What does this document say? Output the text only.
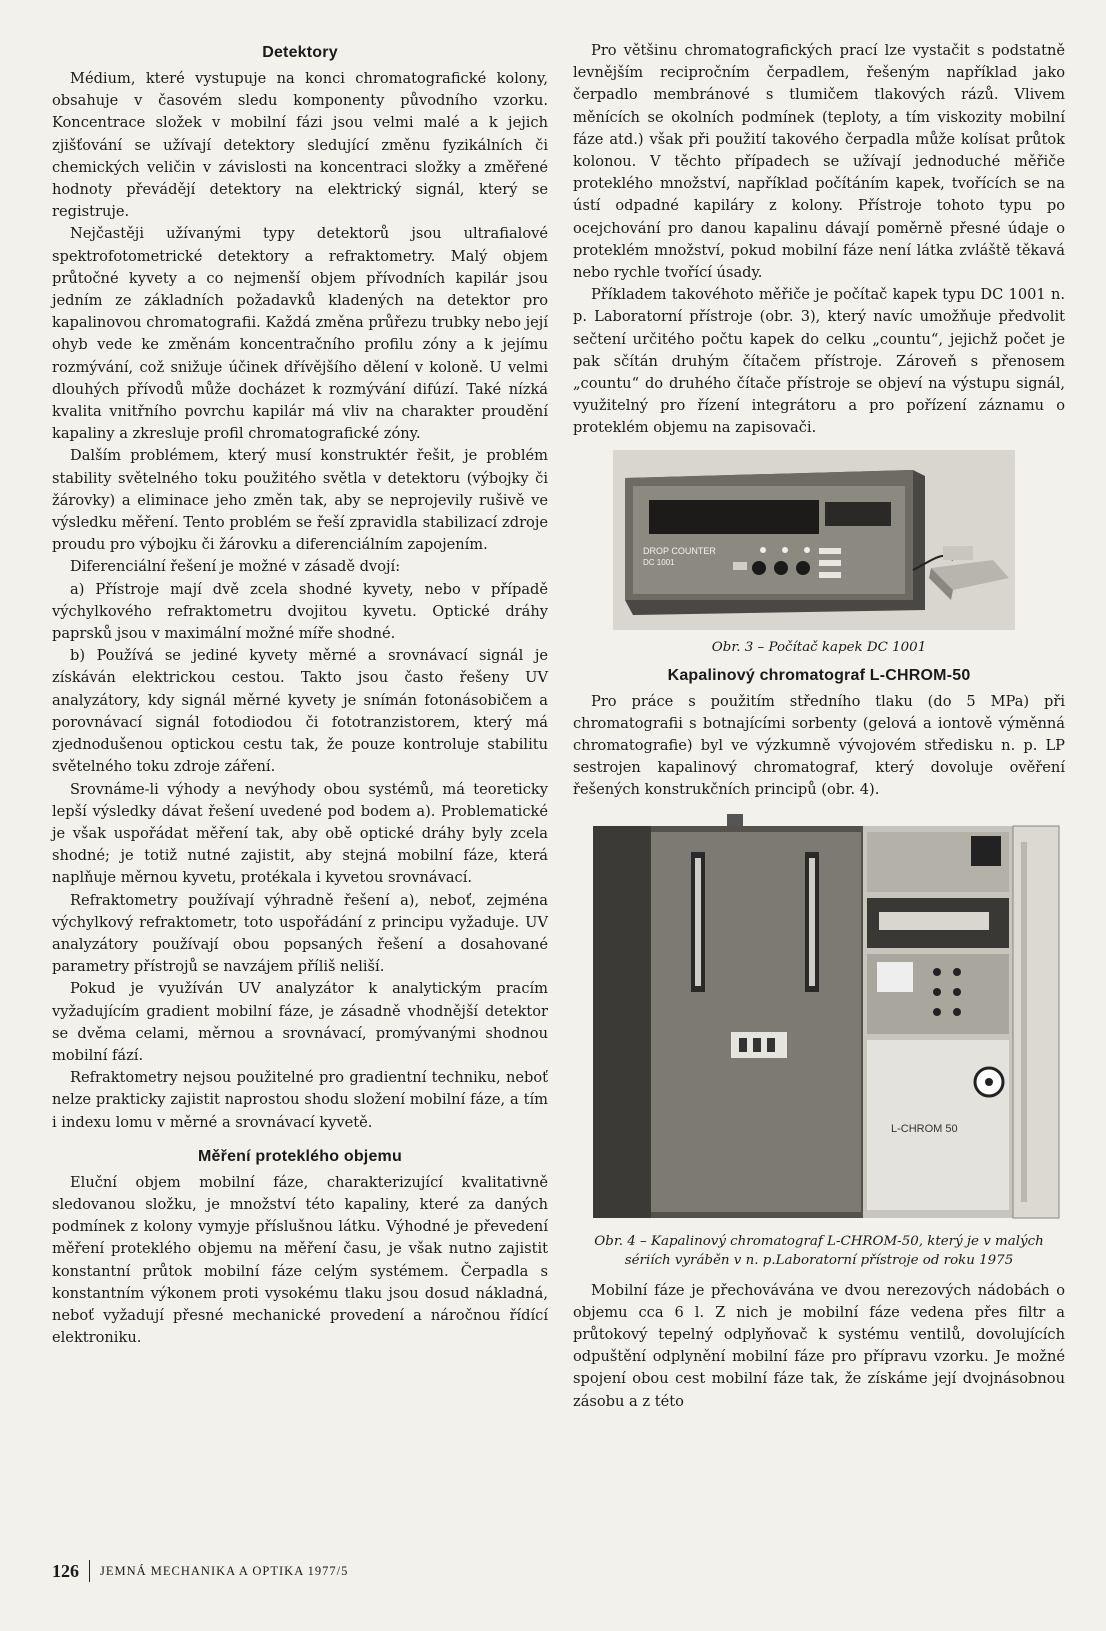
Detektory

Médium, které vystupuje na konci chromatografické kolony, obsahuje v časovém sledu komponenty původního vzorku. Koncentrace složek v mobilní fázi jsou velmi malé a k jejich zjišťování se užívají detektory sledující změnu fyzikálních či chemických veličin v závislosti na koncentraci složky a změřené hodnoty převádějí detektory na elektrický signál, který se registruje.

Nejčastěji užívanými typy detektorů jsou ultrafialové spektrofotometrické detektory a refraktometry. Malý objem průtočné kyvety a co nejmenší objem přívodních kapilár jsou jedním ze základních požadavků kladených na detektor pro kapalinovou chromatografii. Každá změna průřezu trubky nebo její ohyb vede ke změnám koncentračního profilu zóny a k jejímu rozmývání, což snižuje účinek dřívějšího dělení v koloně. U velmi dlouhých přívodů může docházet k rozmývání difúzí. Také nízká kvalita vnitřního povrchu kapilár má vliv na charakter proudění kapaliny a zkresluje profil chromatografické zóny.

Dalším problémem, který musí konstruktér řešit, je problém stability světelného toku použitého světla v detektoru (výbojky či žárovky) a eliminace jeho změn tak, aby se neprojevily rušivě ve výsledku měření. Tento problém se řeší zpravidla stabilizací zdroje proudu pro výbojku či žárovku a diferenciálním zapojením.

Diferenciální řešení je možné v zásadě dvojí:

a) Přístroje mají dvě zcela shodné kyvety, nebo v případě výchylkového refraktometru dvojitou kyvetu. Optické dráhy paprsků jsou v maximální možné míře shodné.

b) Používá se jediné kyvety měrné a srovnávací signál je získáván elektrickou cestou. Takto jsou často řešeny UV analyzátory, kdy signál měrné kyvety je snímán fotonásobičem a porovnávací signál fotodiodou či fototranzistorem, který má zjednodušenou optickou cestu tak, že pouze kontroluje stabilitu světelného toku zdroje záření.

Srovnáme-li výhody a nevýhody obou systémů, má teoreticky lepší výsledky dávat řešení uvedené pod bodem a). Problematické je však uspořádat měření tak, aby obě optické dráhy byly zcela shodné; je totiž nutné zajistit, aby stejná mobilní fáze, která naplňuje měrnou kyvetu, protékala i kyvetou srovnávací.

Refraktometry používají výhradně řešení a), neboť, zejména výchylkový refraktometr, toto uspořádání z principu vyžaduje. UV analyzátory používají obou popsaných řešení a dosahované parametry přístrojů se navzájem příliš neliší.

Pokud je využíván UV analyzátor k analytickým pracím vyžadujícím gradient mobilní fáze, je zásadně vhodnější detektor se dvěma celami, měrnou a srovnávací, promývanými shodnou mobilní fází.

Refraktometry nejsou použitelné pro gradientní techniku, neboť nelze prakticky zajistit naprostou shodu složení mobilní fáze, a tím i indexu lomu v měrné a srovnávací kyvetě.

Měření proteklého objemu

Eluční objem mobilní fáze, charakterizující kvalitativně sledovanou složku, je množství této kapaliny, které za daných podmínek z kolony vymyje příslušnou látku. Výhodné je převedení měření proteklého objemu na měření času, je však nutno zajistit konstantní průtok mobilní fáze celým systémem. Čerpadla s konstantním výkonem proti vysokému tlaku jsou dosud nákladná, neboť vyžadují přesné mechanické provedení a náročnou řídící elektroniku.

Pro většinu chromatografických prací lze vystačit s podstatně levnějším recipročním čerpadlem, řešeným například jako čerpadlo membránové s tlumičem tlakových rázů. Vlivem měnících se okolních podmínek (teploty, a tím viskozity mobilní fáze atd.) však při použití takového čerpadla může kolísat průtok kolonou. V těchto případech se užívají jednoduché měřiče proteklého množství, například počítáním kapek, tvořících se na ústí odpadné kapiláry z kolony. Přístroje tohoto typu po ocejchování pro danou kapalinu dávají poměrně přesné údaje o proteklém množství, pokud mobilní fáze není látka zvláště těkavá nebo rychle tvořící úsady.

Příkladem takovéhoto měřiče je počítač kapek typu DC 1001 n. p. Laboratorní přístroje (obr. 3), který navíc umožňuje předvolit sečtení určitého počtu kapek do celku „countu“, jejichž počet je pak sčítán druhým čítačem přístroje. Zároveň s přenosem „countu“ do druhého čítače přístroje se objeví na výstupu signál, využitelný pro řízení integrátoru a pro pořízení záznamu o proteklém objemu na zapisovači.

DROP COUNTER
DC 1001
Obr. 3 – Počítač kapek DC 1001
Kapalinový chromatograf L-CHROM-50

Pro práce s použitím středního tlaku (do 5 MPa) při chromatografii s botnajícími sorbenty (gelová a iontově výměnná chromatografie) byl ve výzkumně vývojovém středisku n. p. LP sestrojen kapalinový chromatograf, který dovoluje ověření řešených konstrukčních principů (obr. 4).

L-CHROM 50
Obr. 4 – Kapalinový chromatograf L-CHROM-50, který je v malých sériích vyráběn v n. p.Laboratorní přístroje od roku 1975

Mobilní fáze je přechovávána ve dvou nerezových nádobách o objemu cca 6 l. Z nich je mobilní fáze vedena přes filtr a průtokový tepelný odplyňovač k systému ventilů, dovolujících odpuštění odplynění mobilní fáze pro přípravu vzorku. Je možné spojení obou cest mobilní fáze tak, že získáme její dvojnásobnou zásobu a z této

126 JEMNÁ MECHANIKA A OPTIKA 1977/5
